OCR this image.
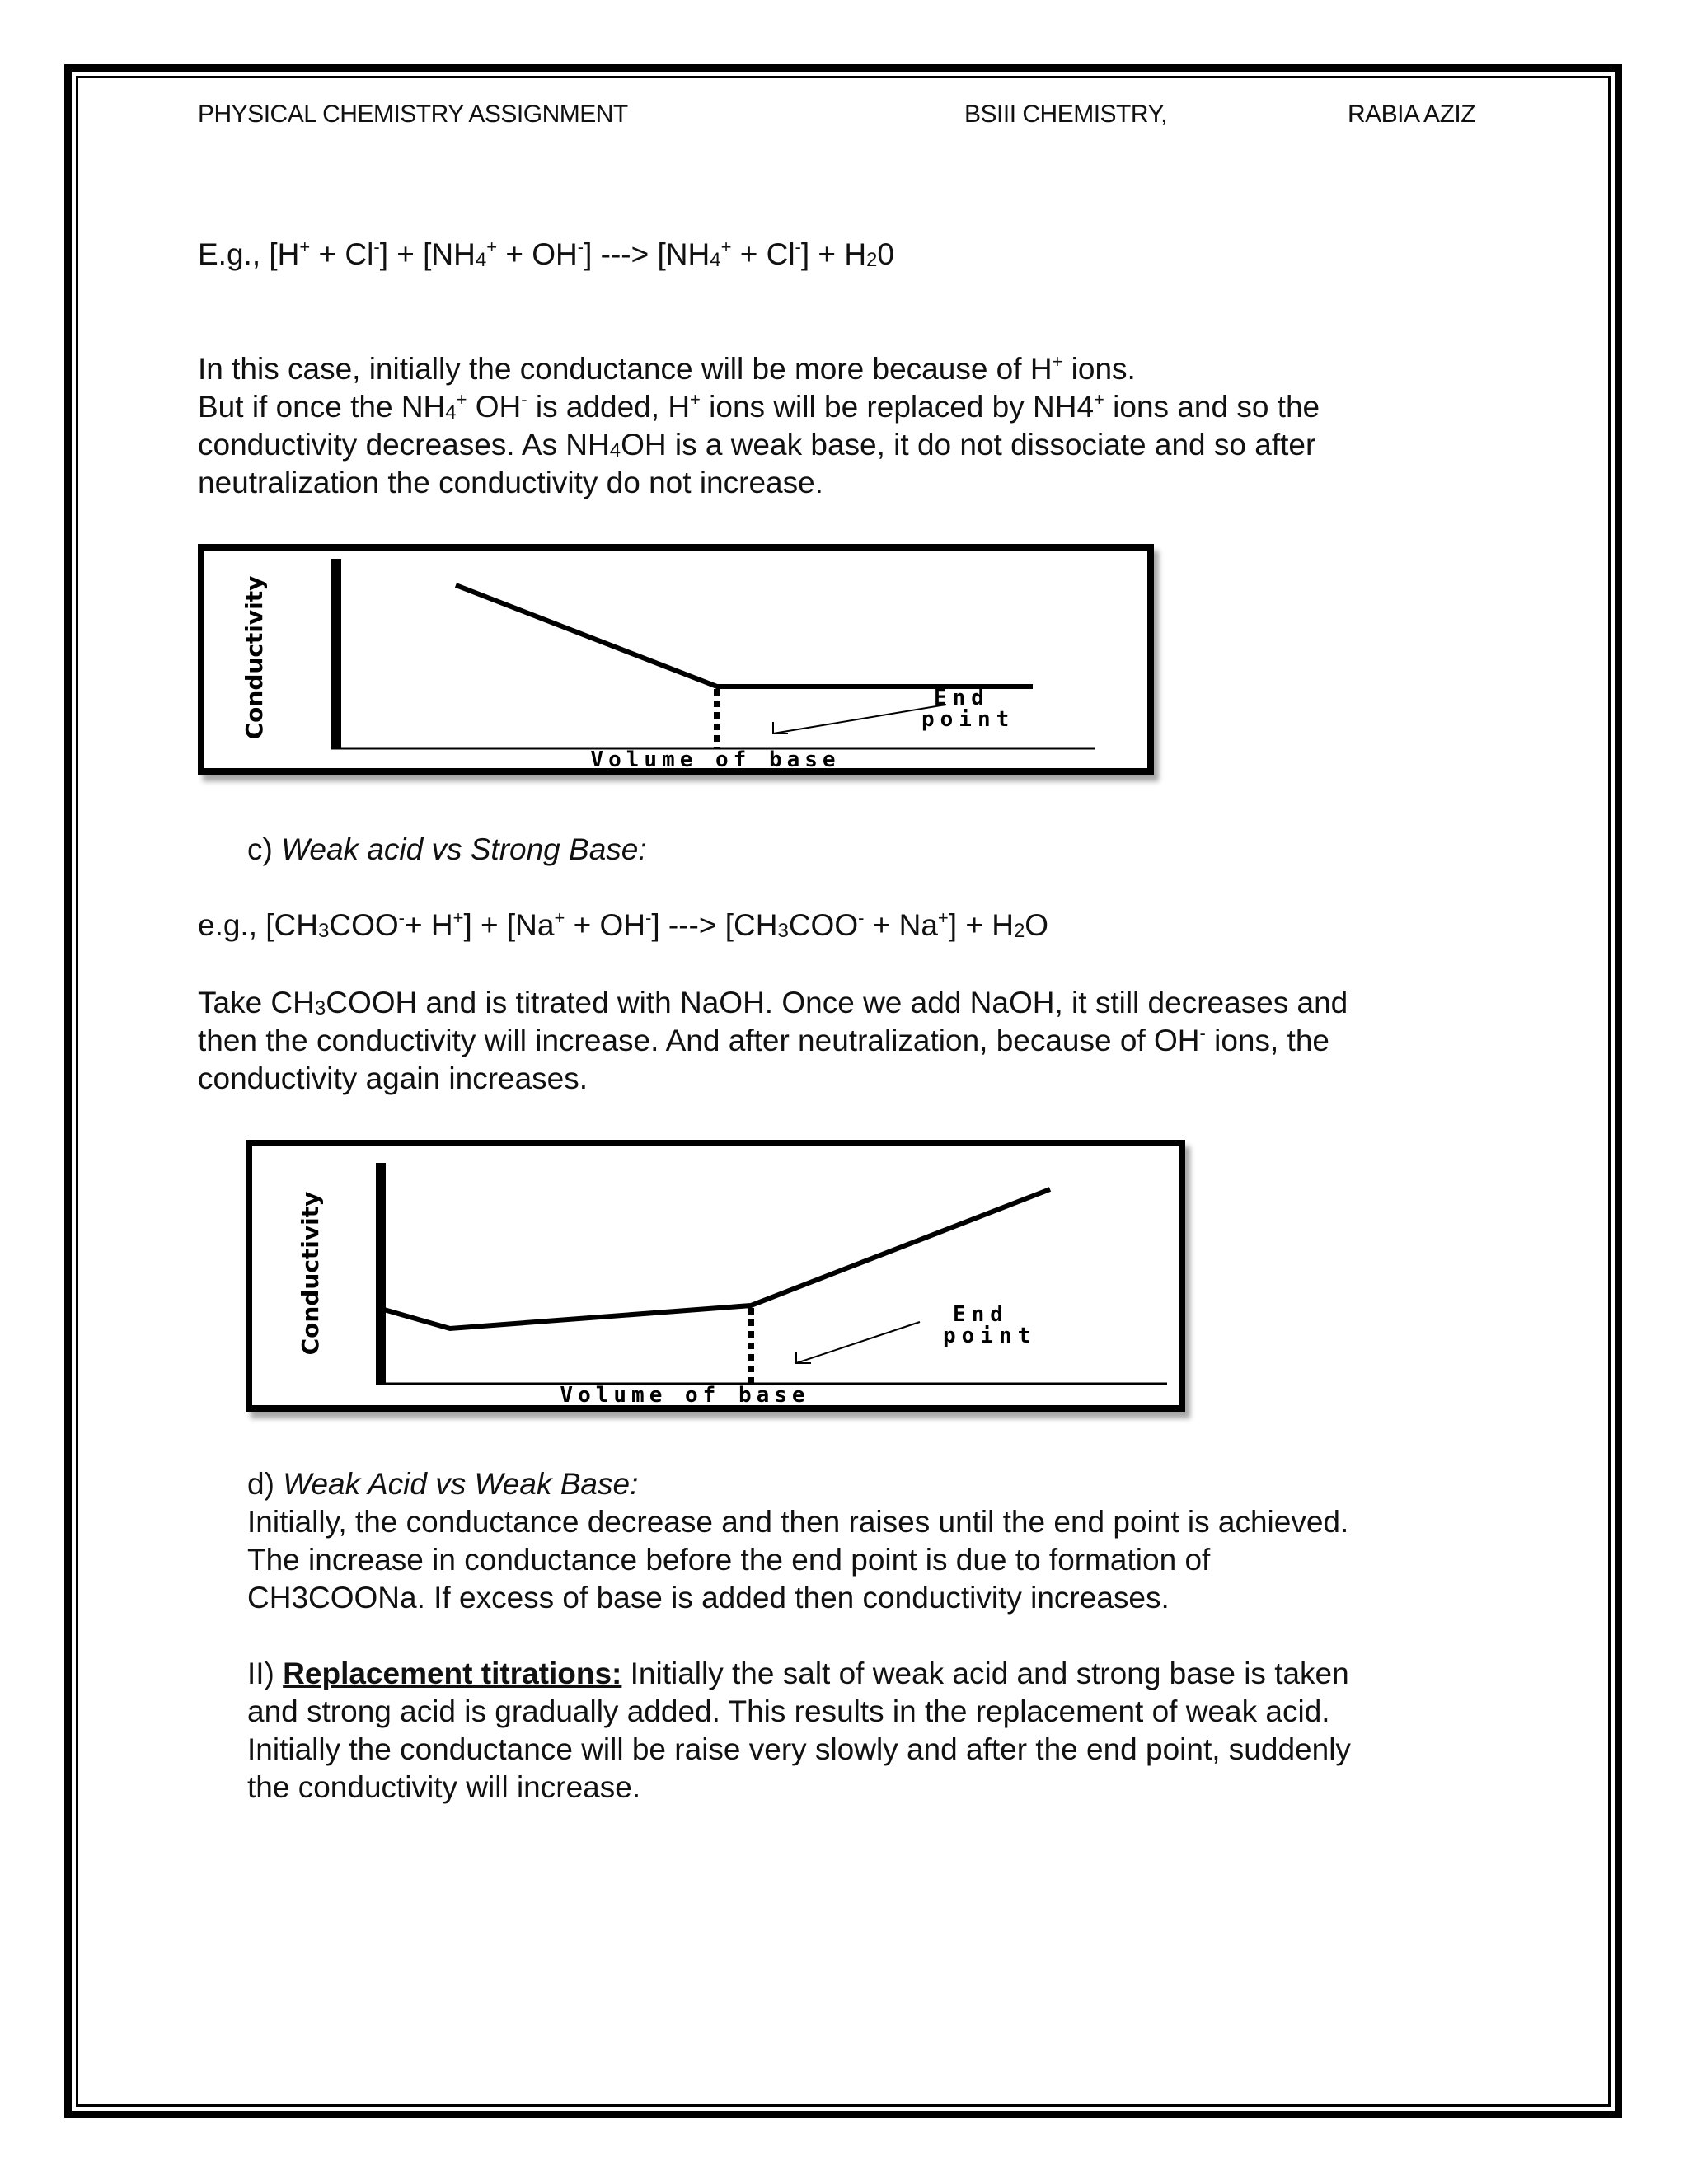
PHYSICAL CHEMISTRY ASSIGNMENT	BSIII CHEMISTRY,	RABIA AZIZ
E.g., $[H^+ + Cl^-] + [NH_4^+ + OH^-]$ ---> $[NH_4^+ + Cl^-] + H_20$
In this case, initially the conductance will be more because of H+ ions.
But if once the $NH_4^+$ OH- is added, H+ ions will be replaced by NH4+ ions and so the
conductivity decreases. As $NH_4OH$ is a weak base, it do not dissociate and so after
neutralization the conductivity do not increase.
Conductivity
Volume of base
End
point
c) Weak acid vs Strong Base:
e.g., $[CH_3COO^-+ H^+] + [Na^+ + OH^-]$ ---> $[CH_3COO^- + Na^+] + H_2O$
Take $CH_3COOH$ and is titrated with NaOH. Once we add NaOH, it still decreases and
then the conductivity will increase. And after neutralization, because of OH- ions, the
conductivity again increases.
Conductivity
Volume of base
End
point
d) Weak Acid vs Weak Base:
Initially, the conductance decrease and then raises until the end point is achieved.
The increase in conductance before the end point is due to formation of
CH3COONa. If excess of base is added then conductivity increases.
II) Replacement titrations: Initially the salt of weak acid and strong base is taken
and strong acid is gradually added. This results in the replacement of weak acid.
Initially the conductance will be raise very slowly and after the end point, suddenly
the conductivity will increase.
